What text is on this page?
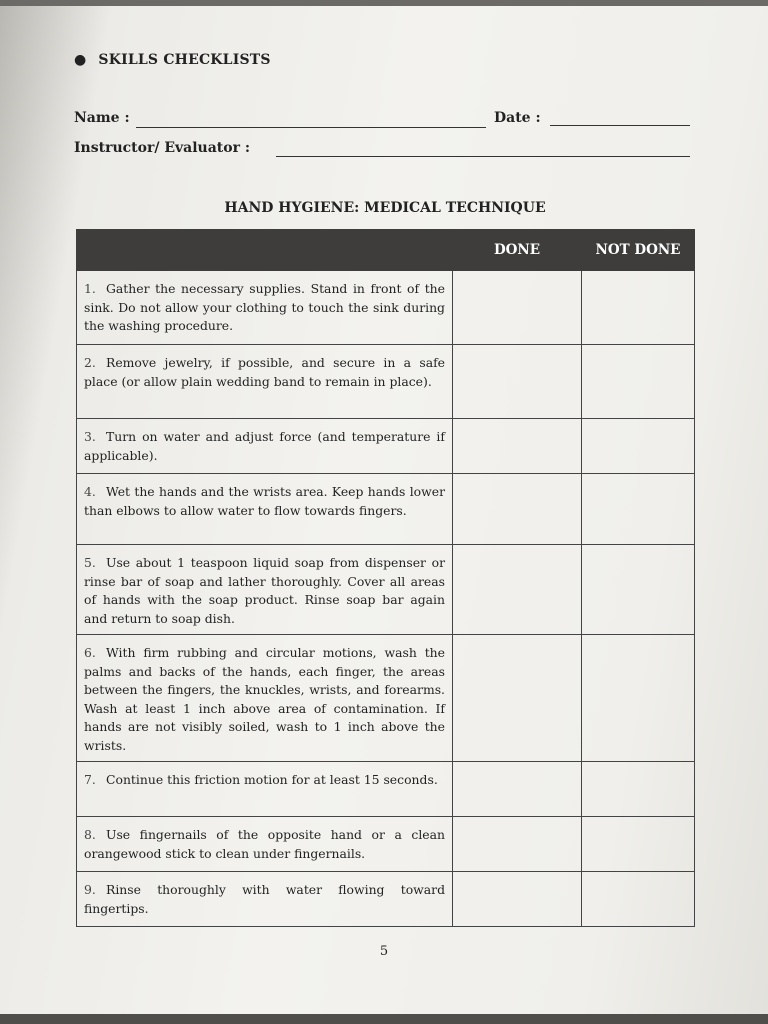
● SKILLS CHECKLISTS
Name :	Date :
Instructor/ Evaluator :
HAND HYGIENE: MEDICAL TECHNIQUE
	DONE	NOT DONE
1. Gather the necessary supplies. Stand in front of the sink. Do not allow your clothing to touch the sink during the washing procedure.		
2. Remove jewelry, if possible, and secure in a safe place (or allow plain wedding band to remain in place).		
3. Turn on water and adjust force (and temperature if applicable).		
4. Wet the hands and the wrists area. Keep hands lower than elbows to allow water to flow towards fingers.		
5. Use about 1 teaspoon liquid soap from dispenser or rinse bar of soap and lather thoroughly. Cover all areas of hands with the soap product. Rinse soap bar again and return to soap dish.		
6. With firm rubbing and circular motions, wash the palms and backs of the hands, each finger, the areas between the fingers, the knuckles, wrists, and forearms. Wash at least 1 inch above area of contamination. If hands are not visibly soiled, wash to 1 inch above the wrists.		
7. Continue this friction motion for at least 15 seconds.		
8. Use fingernails of the opposite hand or a clean orangewood stick to clean under fingernails.		
9. Rinse thoroughly with water flowing toward fingertips.		
5
